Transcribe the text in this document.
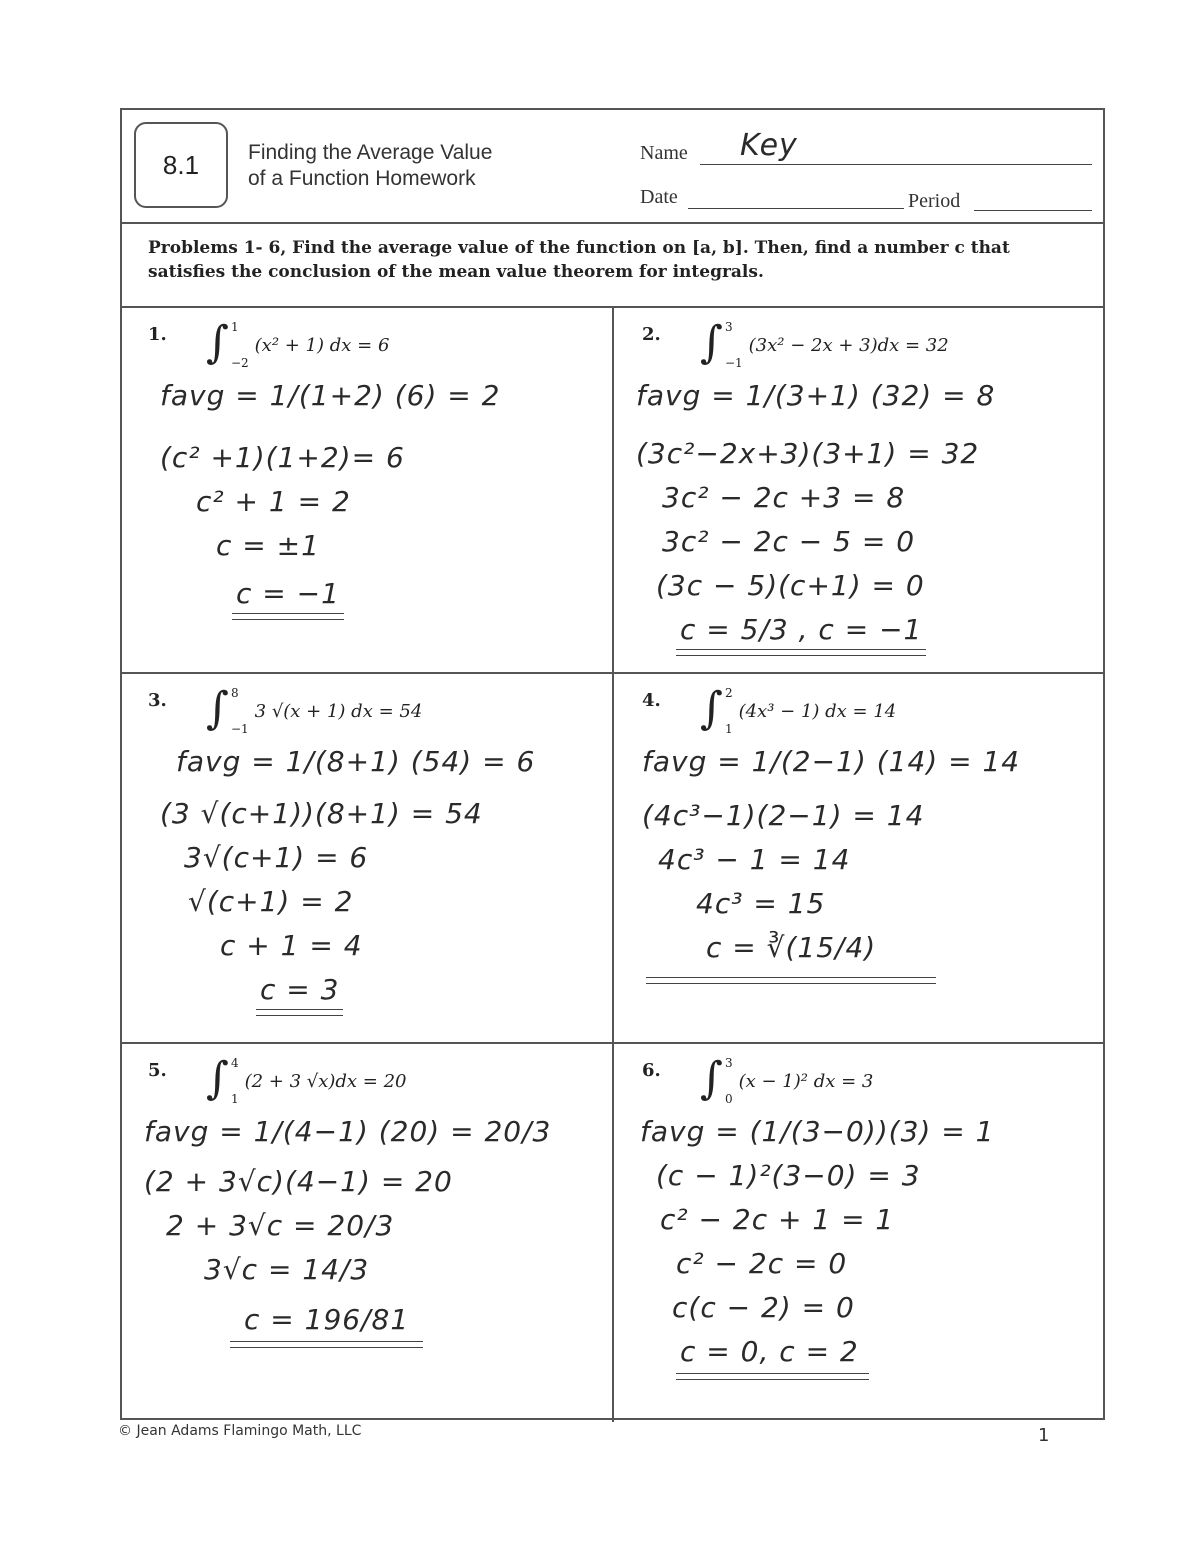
8.1 Finding the Average Value
of a Function Homework
Name Key
Date	Period
Problems 1- 6, Find the average value of the function on [a, b]. Then, find a number c that satisfies the conclusion of the mean value theorem for integrals.
1. ∫ 1
−2
(x² + 1) dx = 6
favg = 1/(1+2) (6) = 2
(c² +1)(1+2)= 6
c² + 1 = 2
c = ±1
c = −1
2. ∫ 3
−1
(3x² − 2x + 3)dx = 32
favg = 1/(3+1) (32) = 8
(3c²−2x+3)(3+1) = 32
3c² − 2c +3 = 8
3c² − 2c − 5 = 0
(3c − 5)(c+1) = 0
c = 5/3 , c = −1
3. ∫ 8
−1
3 √(x + 1) dx = 54
favg = 1/(8+1) (54) = 6
(3 √(c+1))(8+1) = 54
3√(c+1) = 6
√(c+1) = 2
c + 1 = 4
c = 3
4. ∫ 2
1
(4x³ − 1) dx = 14
favg = 1/(2−1) (14) = 14
(4c³−1)(2−1) = 14
4c³ − 1 = 14
4c³ = 15
c = ∛(15/4)
5. ∫ 4
1
(2 + 3 √x)dx = 20
favg = 1/(4−1) (20) = 20/3
(2 + 3√c)(4−1) = 20
2 + 3√c = 20/3
3√c = 14/3
c = 196/81
6. ∫ 3
0
(x − 1)² dx = 3
favg = (1/(3−0))(3) = 1
(c − 1)²(3−0) = 3
c² − 2c + 1 = 1
c² − 2c = 0
c(c − 2) = 0
c = 0, c = 2
© Jean Adams Flamingo Math, LLC	1
